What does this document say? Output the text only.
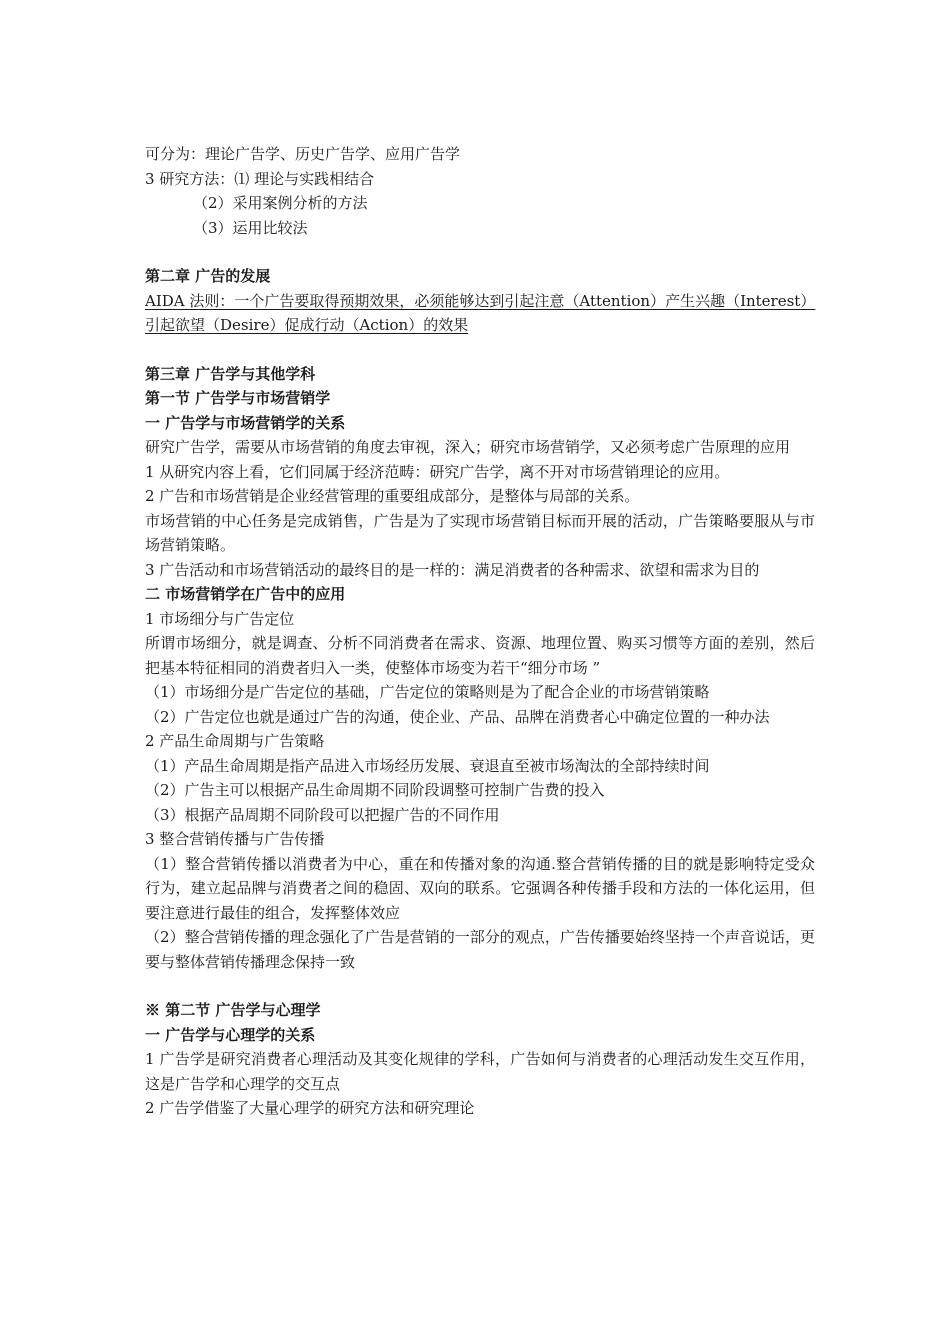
可分为：理论广告学、历史广告学、应用广告学
3 研究方法：⑴ 理论与实践相结合
（2）采用案例分析的方法
（3）运用比较法
第二章 广告的发展
AIDA 法则：一个广告要取得预期效果，必须能够达到引起注意（Attention）产生兴趣（Interest）
引起欲望（Desire）促成行动（Action）的效果
第三章 广告学与其他学科
第一节 广告学与市场营销学
一 广告学与市场营销学的关系
研究广告学，需要从市场营销的角度去审视，深入；研究市场营销学，又必须考虑广告原理的应用
1 从研究内容上看，它们同属于经济范畴：研究广告学，离不开对市场营销理论的应用。
2 广告和市场营销是企业经营管理的重要组成部分，是整体与局部的关系。
市场营销的中心任务是完成销售，广告是为了实现市场营销目标而开展的活动，广告策略要服从与市场营销策略。
3 广告活动和市场营销活动的最终目的是一样的：满足消费者的各种需求、欲望和需求为目的
二 市场营销学在广告中的应用
1 市场细分与广告定位
所谓市场细分，就是调查、分析不同消费者在需求、资源、地理位置、购买习惯等方面的差别，然后把基本特征相同的消费者归入一类，使整体市场变为若干“细分市场 ”
（1）市场细分是广告定位的基础，广告定位的策略则是为了配合企业的市场营销策略
（2）广告定位也就是通过广告的沟通，使企业、产品、品牌在消费者心中确定位置的一种办法
2 产品生命周期与广告策略
（1）产品生命周期是指产品进入市场经历发展、衰退直至被市场淘汰的全部持续时间
（2）广告主可以根据产品生命周期不同阶段调整可控制广告费的投入
（3）根据产品周期不同阶段可以把握广告的不同作用
3 整合营销传播与广告传播
（1）整合营销传播以消费者为中心，重在和传播对象的沟通.整合营销传播的目的就是影响特定受众行为，建立起品牌与消费者之间的稳固、双向的联系。它强调各种传播手段和方法的一体化运用，但要注意进行最佳的组合，发挥整体效应
（2）整合营销传播的理念强化了广告是营销的一部分的观点，广告传播要始终坚持一个声音说话，更要与整体营销传播理念保持一致
※ 第二节 广告学与心理学
一 广告学与心理学的关系
1 广告学是研究消费者心理活动及其变化规律的学科，广告如何与消费者的心理活动发生交互作用，这是广告学和心理学的交互点
2 广告学借鉴了大量心理学的研究方法和研究理论
